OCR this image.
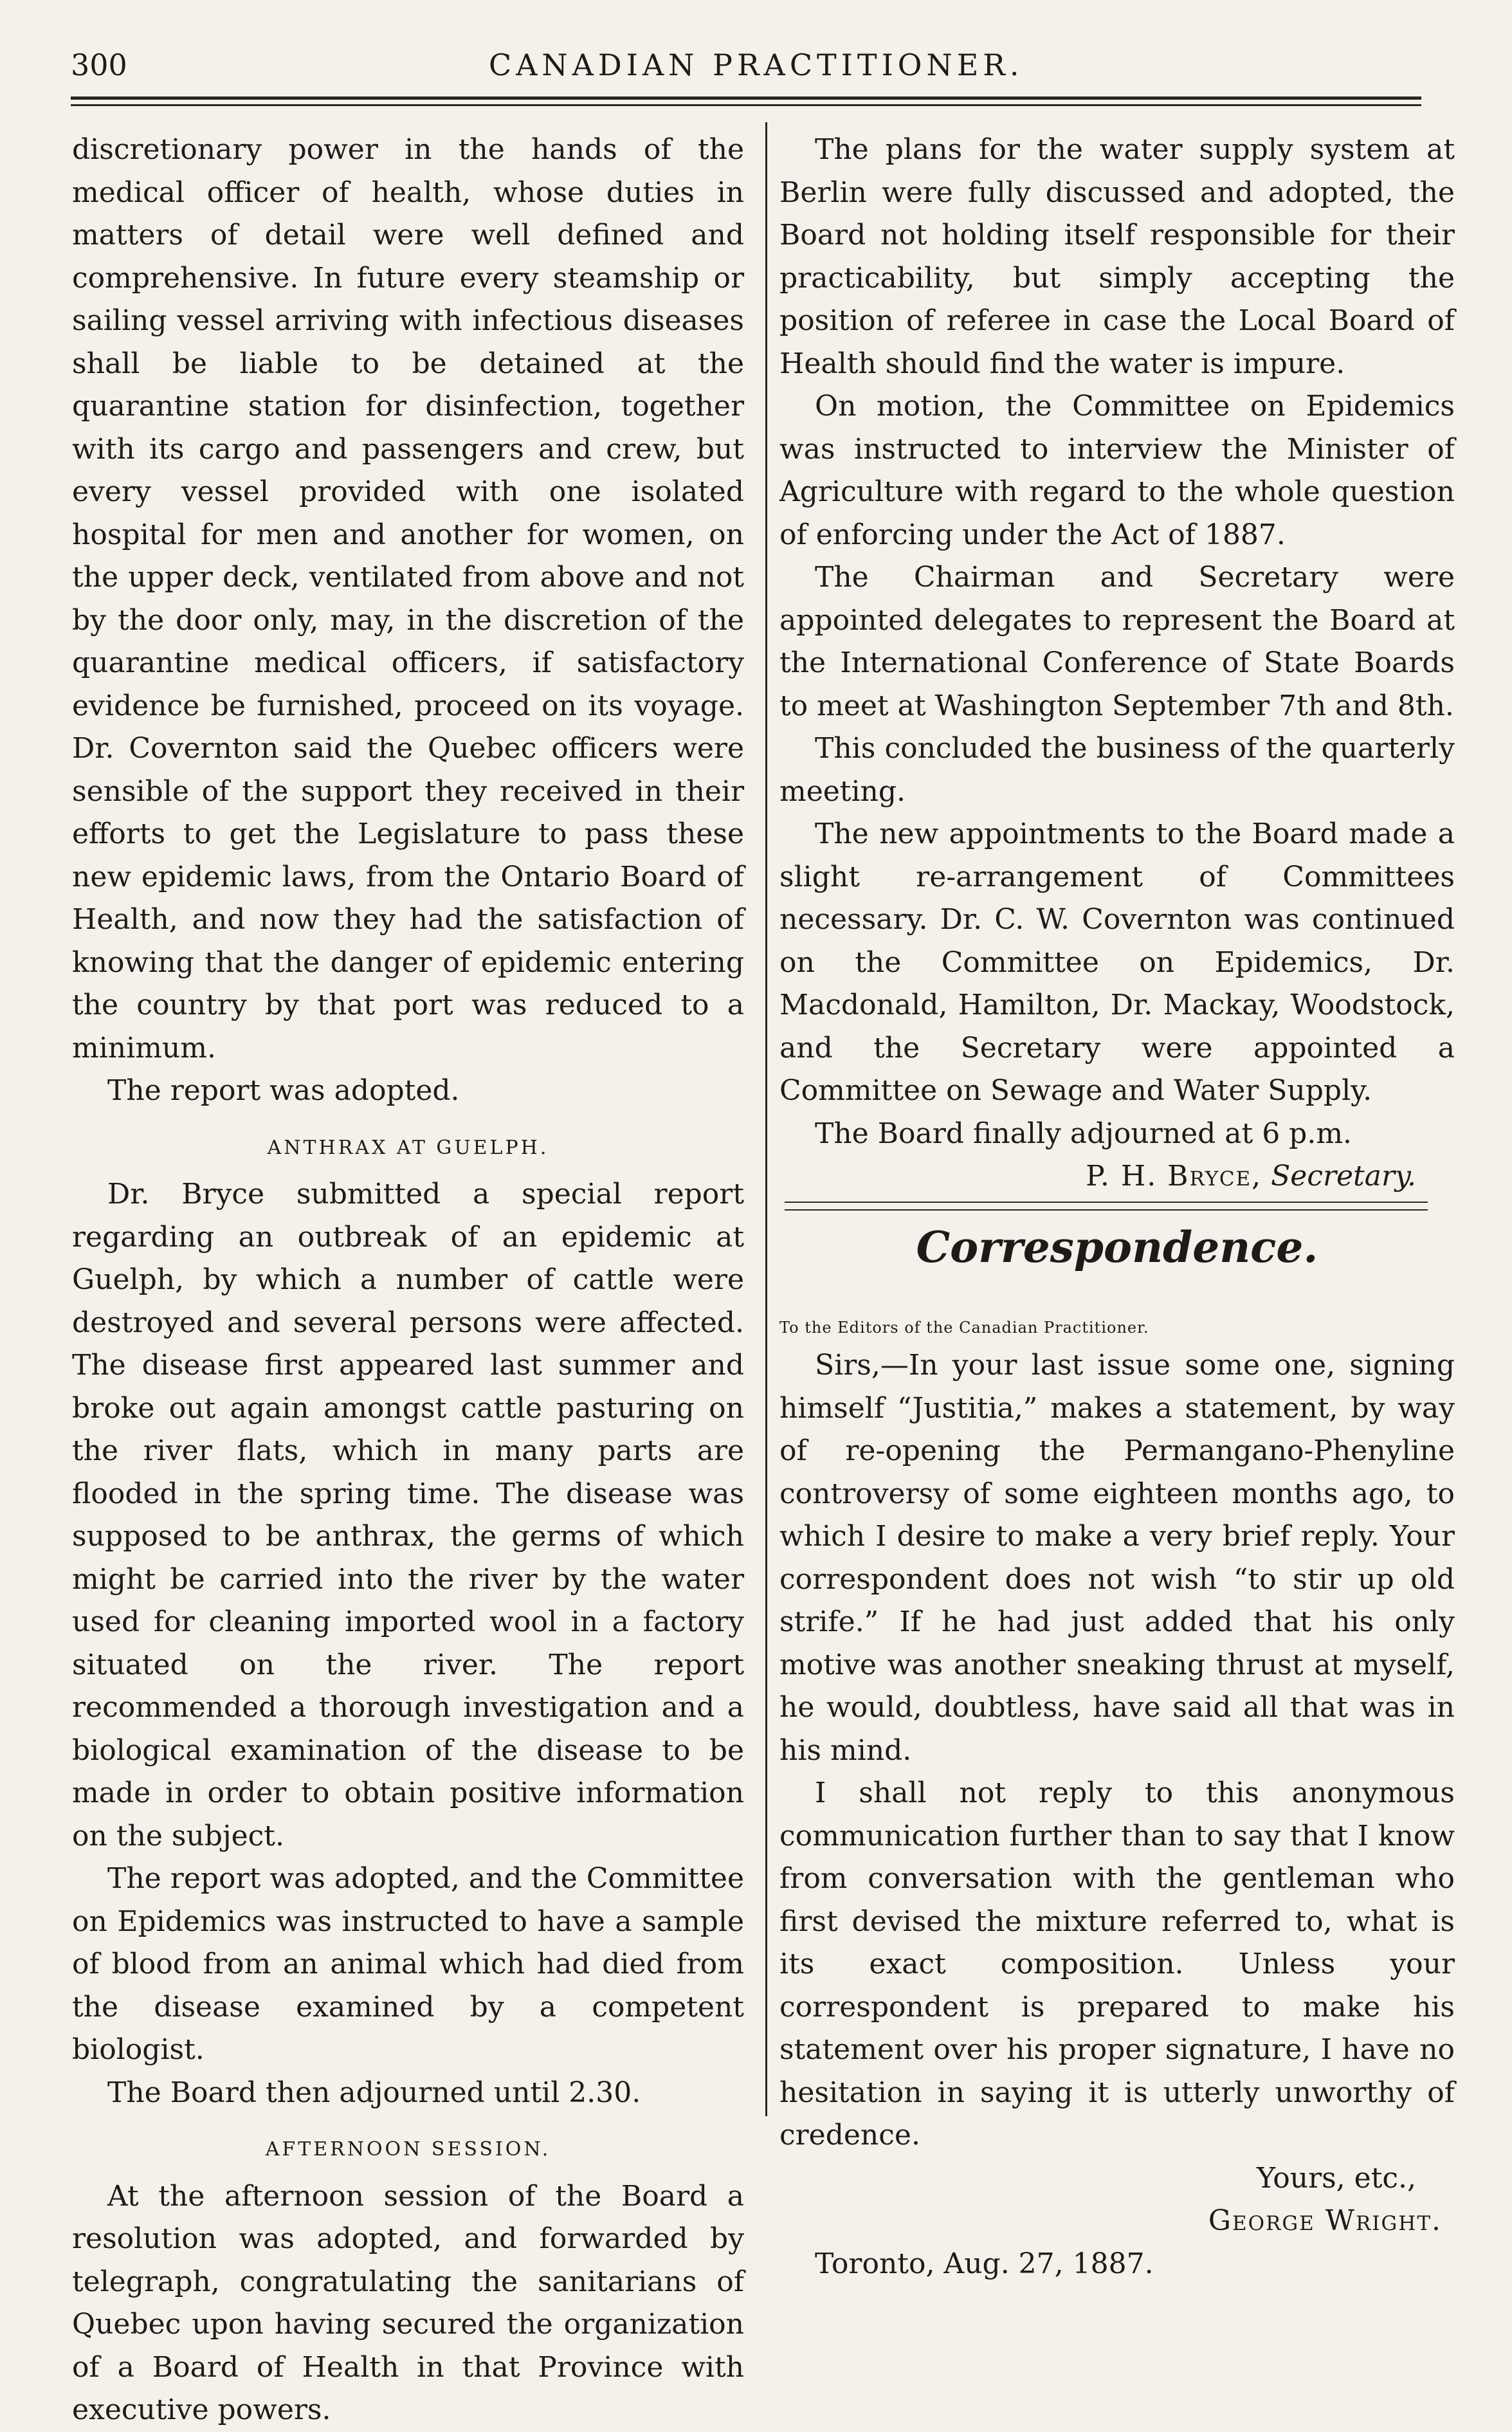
300	CANADIAN PRACTITIONER.

discretionary power in the hands of the medical officer of health, whose duties in matters of detail were well defined and comprehensive. In future every steamship or sailing vessel arriving with infectious diseases shall be liable to be detained at the quarantine station for disinfection, together with its cargo and passengers and crew, but every vessel provided with one isolated hospital for men and another for women, on the upper deck, ventilated from above and not by the door only, may, in the discretion of the quarantine medical officers, if satisfactory evidence be furnished, proceed on its voyage. Dr. Covernton said the Quebec officers were sensible of the support they received in their efforts to get the Legislature to pass these new epidemic laws, from the Ontario Board of Health, and now they had the satisfaction of knowing that the danger of epidemic entering the country by that port was reduced to a minimum.

The report was adopted.

ANTHRAX AT GUELPH.

Dr. Bryce submitted a special report regarding an outbreak of an epidemic at Guelph, by which a number of cattle were destroyed and several persons were affected. The disease first appeared last summer and broke out again amongst cattle pasturing on the river flats, which in many parts are flooded in the spring time. The disease was supposed to be anthrax, the germs of which might be carried into the river by the water used for cleaning imported wool in a factory situated on the river. The report recommended a thorough investigation and a biological examination of the disease to be made in order to obtain positive information on the subject.

The report was adopted, and the Committee on Epidemics was instructed to have a sample of blood from an animal which had died from the disease examined by a competent biologist.

The Board then adjourned until 2.30.

AFTERNOON SESSION.

At the afternoon session of the Board a resolution was adopted, and forwarded by telegraph, congratulating the sanitarians of Quebec upon having secured the organization of a Board of Health in that Province with executive powers.

The plans for the water supply system at Berlin were fully discussed and adopted, the Board not holding itself responsible for their practicability, but simply accepting the position of referee in case the Local Board of Health should find the water is impure.

On motion, the Committee on Epidemics was instructed to interview the Minister of Agriculture with regard to the whole question of enforcing under the Act of 1887.

The Chairman and Secretary were appointed delegates to represent the Board at the International Conference of State Boards to meet at Washington September 7th and 8th.

This concluded the business of the quarterly meeting.

The new appointments to the Board made a slight re-arrangement of Committees necessary. Dr. C. W. Covernton was continued on the Committee on Epidemics, Dr. Macdonald, Hamilton, Dr. Mackay, Woodstock, and the Secretary were appointed a Committee on Sewage and Water Supply.

The Board finally adjourned at 6 p.m.

P. H. Bryce, Secretary.
Correspondence.
To the Editors of the Canadian Practitioner.

Sirs,—In your last issue some one, signing himself “Justitia,” makes a statement, by way of re-opening the Permangano-Phenyline controversy of some eighteen months ago, to which I desire to make a very brief reply. Your correspondent does not wish “to stir up old strife.” If he had just added that his only motive was another sneaking thrust at myself, he would, doubtless, have said all that was in his mind.

I shall not reply to this anonymous communication further than to say that I know from conversation with the gentleman who first devised the mixture referred to, what is its exact composition. Unless your correspondent is prepared to make his statement over his proper signature, I have no hesitation in saying it is utterly unworthy of credence.

Yours, etc.,
George Wright.

Toronto, Aug. 27, 1887.
